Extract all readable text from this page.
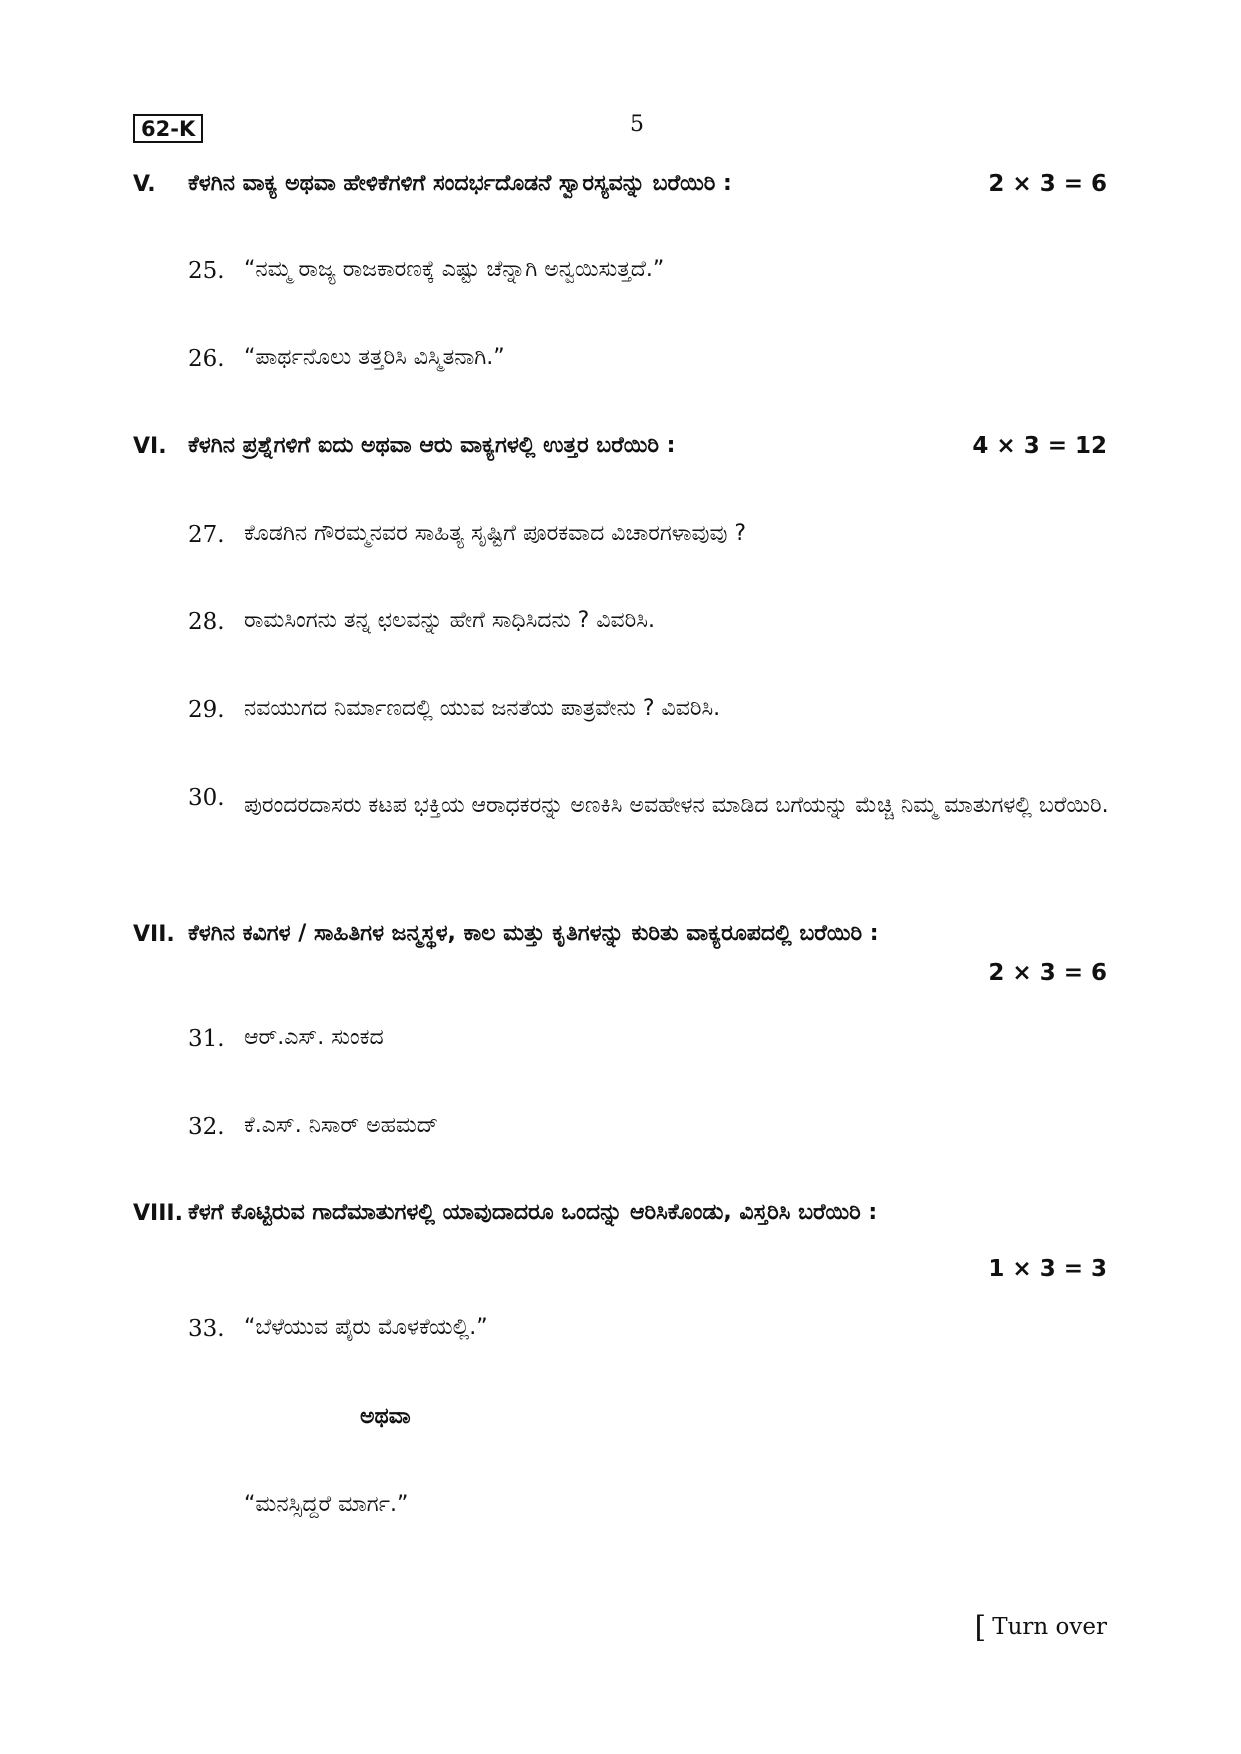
62-K	5
V. ಕೆಳಗಿನ ವಾಕ್ಯ ಅಥವಾ ಹೇಳಿಕೆಗಳಿಗೆ ಸಂದರ್ಭದೊಡನೆ ಸ್ವಾರಸ್ಯವನ್ನು ಬರೆಯಿರಿ :	2 × 3 = 6
25. “ನಮ್ಮ ರಾಜ್ಯ ರಾಜಕಾರಣಕ್ಕೆ ಎಷ್ಟು ಚೆನ್ನಾಗಿ ಅನ್ವಯಿಸುತ್ತದೆ.”
26. “ಪಾರ್ಥನೊಲು ತತ್ತರಿಸಿ ವಿಸ್ಮಿತನಾಗಿ.”
VI. ಕೆಳಗಿನ ಪ್ರಶ್ನೆಗಳಿಗೆ ಐದು ಅಥವಾ ಆರು ವಾಕ್ಯಗಳಲ್ಲಿ ಉತ್ತರ ಬರೆಯಿರಿ :	4 × 3 = 12
27. ಕೊಡಗಿನ ಗೌರಮ್ಮನವರ ಸಾಹಿತ್ಯ ಸೃಷ್ಟಿಗೆ ಪೂರಕವಾದ ವಿಚಾರಗಳಾವುವು ?
28. ರಾಮಸಿಂಗನು ತನ್ನ ಛಲವನ್ನು ಹೇಗೆ ಸಾಧಿಸಿದನು ? ವಿವರಿಸಿ.
29. ನವಯುಗದ ನಿರ್ಮಾಣದಲ್ಲಿ ಯುವ ಜನತೆಯ ಪಾತ್ರವೇನು ? ವಿವರಿಸಿ.
30. ಪುರಂದರದಾಸರು ಕಟಪ ಭಕ್ತಿಯ ಆರಾಧಕರನ್ನು ಅಣಕಿಸಿ ಅವಹೇಳನ ಮಾಡಿದ ಬಗೆಯನ್ನು ಮೆಚ್ಚಿ ನಿಮ್ಮ ಮಾತುಗಳಲ್ಲಿ ಬರೆಯಿರಿ.
VII. ಕೆಳಗಿನ ಕವಿಗಳ / ಸಾಹಿತಿಗಳ ಜನ್ಮಸ್ಥಳ, ಕಾಲ ಮತ್ತು ಕೃತಿಗಳನ್ನು ಕುರಿತು ವಾಕ್ಯರೂಪದಲ್ಲಿ ಬರೆಯಿರಿ :
2 × 3 = 6
31. ಆರ್.ಎಸ್. ಸುಂಕದ
32. ಕೆ.ಎಸ್. ನಿಸಾರ್ ಅಹಮದ್
VIII. ಕೆಳಗೆ ಕೊಟ್ಟಿರುವ ಗಾದೆಮಾತುಗಳಲ್ಲಿ ಯಾವುದಾದರೂ ಒಂದನ್ನು ಆರಿಸಿಕೊಂಡು, ವಿಸ್ತರಿಸಿ ಬರೆಯಿರಿ :
1 × 3 = 3
33. “ಬೆಳೆಯುವ ಪೈರು ಮೊಳಕೆಯಲ್ಲಿ.”
ಅಥವಾ
“ಮನಸ್ಸಿದ್ದರೆ ಮಾರ್ಗ.”
[ Turn over
